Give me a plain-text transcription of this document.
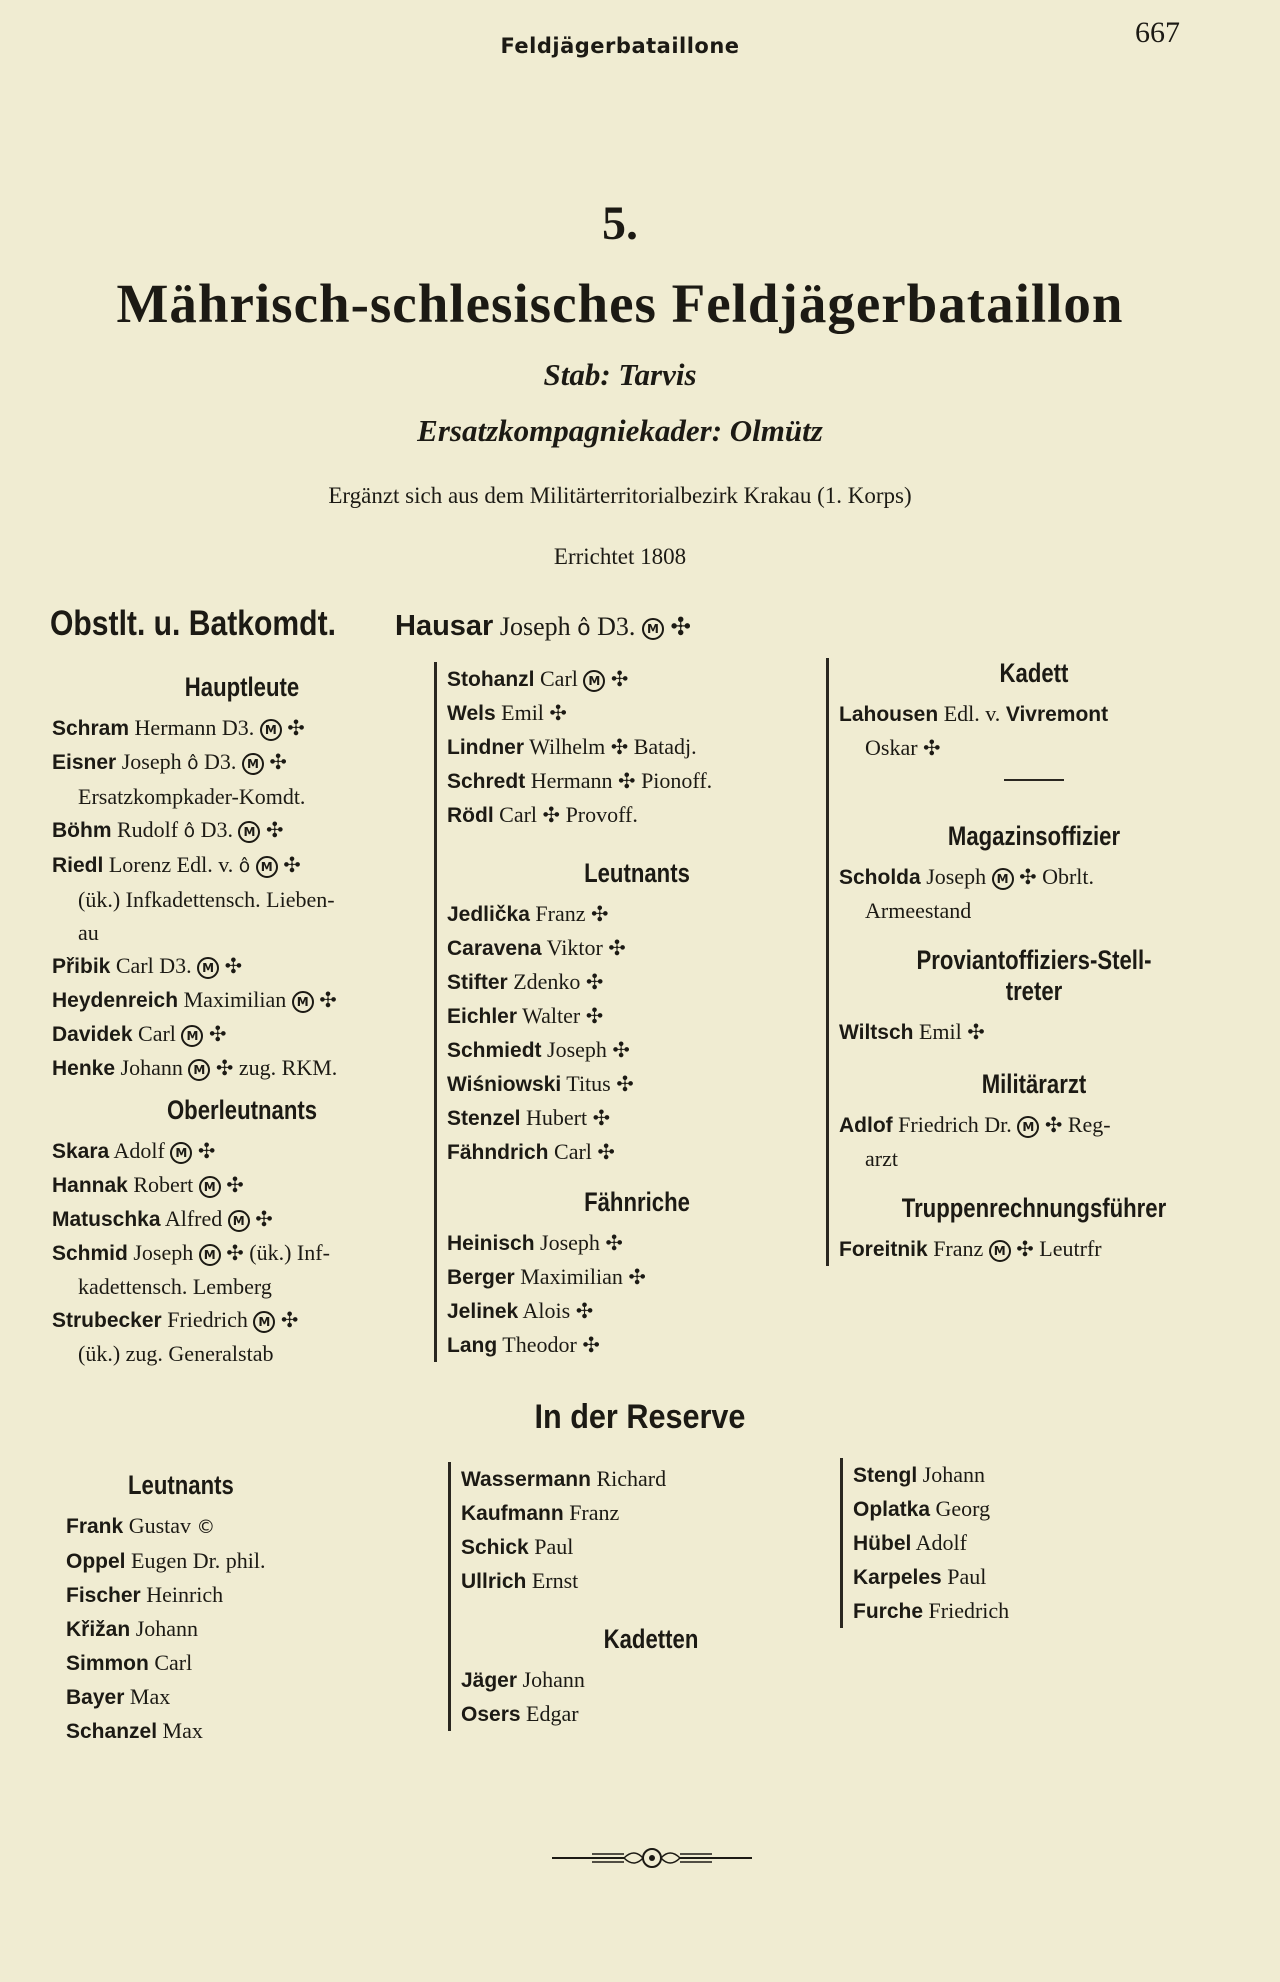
Feldjägerbataillone	667
5.
Mährisch-schlesisches Feldjägerbataillon
Stab: Tarvis
Ersatzkompagniekader: Olmütz
Ergänzt sich aus dem Militärterritorialbezirk Krakau (1. Korps)
Errichtet 1808
Obstlt. u. Batkomdt. Hausar Joseph ô D3. M ✣
Hauptleute
Schram Hermann D3. M ✣
Eisner Joseph ô D3. M ✣
Ersatzkompkader-Komdt.
Böhm Rudolf ô D3. M ✣
Riedl Lorenz Edl. v. ô M ✣
(ük.) Infkadettensch. Lieben-
au
Přibik Carl D3. M ✣
Heydenreich Maximilian M ✣
Davidek Carl M ✣
Henke Johann M ✣ zug. RKM.
Oberleutnants
Skara Adolf M ✣
Hannak Robert M ✣
Matuschka Alfred M ✣
Schmid Joseph M ✣ (ük.) Inf-
kadettensch. Lemberg
Strubecker Friedrich M ✣
(ük.) zug. Generalstab
Stohanzl Carl M ✣
Wels Emil ✣
Lindner Wilhelm ✣ Batadj.
Schredt Hermann ✣ Pionoff.
Rödl Carl ✣ Provoff.
Leutnants
Jedlička Franz ✣
Caravena Viktor ✣
Stifter Zdenko ✣
Eichler Walter ✣
Schmiedt Joseph ✣
Wiśniowski Titus ✣
Stenzel Hubert ✣
Fähndrich Carl ✣
Fähnriche
Heinisch Joseph ✣
Berger Maximilian ✣
Jelinek Alois ✣
Lang Theodor ✣
Kadett
Lahousen Edl. v. Vivremont
Oskar ✣
Magazinsoffizier
Scholda Joseph M ✣ Obrlt.
Armeestand
Proviantoffiziers-Stell-
treter
Wiltsch Emil ✣
Militärarzt
Adlof Friedrich Dr. M ✣ Reg-
arzt
Truppenrechnungsführer
Foreitnik Franz M ✣ Leutrfr
In der Reserve
Leutnants
Frank Gustav ©
Oppel Eugen Dr. phil.
Fischer Heinrich
Křižan Johann
Simmon Carl
Bayer Max
Schanzel Max
Wassermann Richard
Kaufmann Franz
Schick Paul
Ullrich Ernst
Kadetten
Jäger Johann
Osers Edgar
Stengl Johann
Oplatka Georg
Hübel Adolf
Karpeles Paul
Furche Friedrich
